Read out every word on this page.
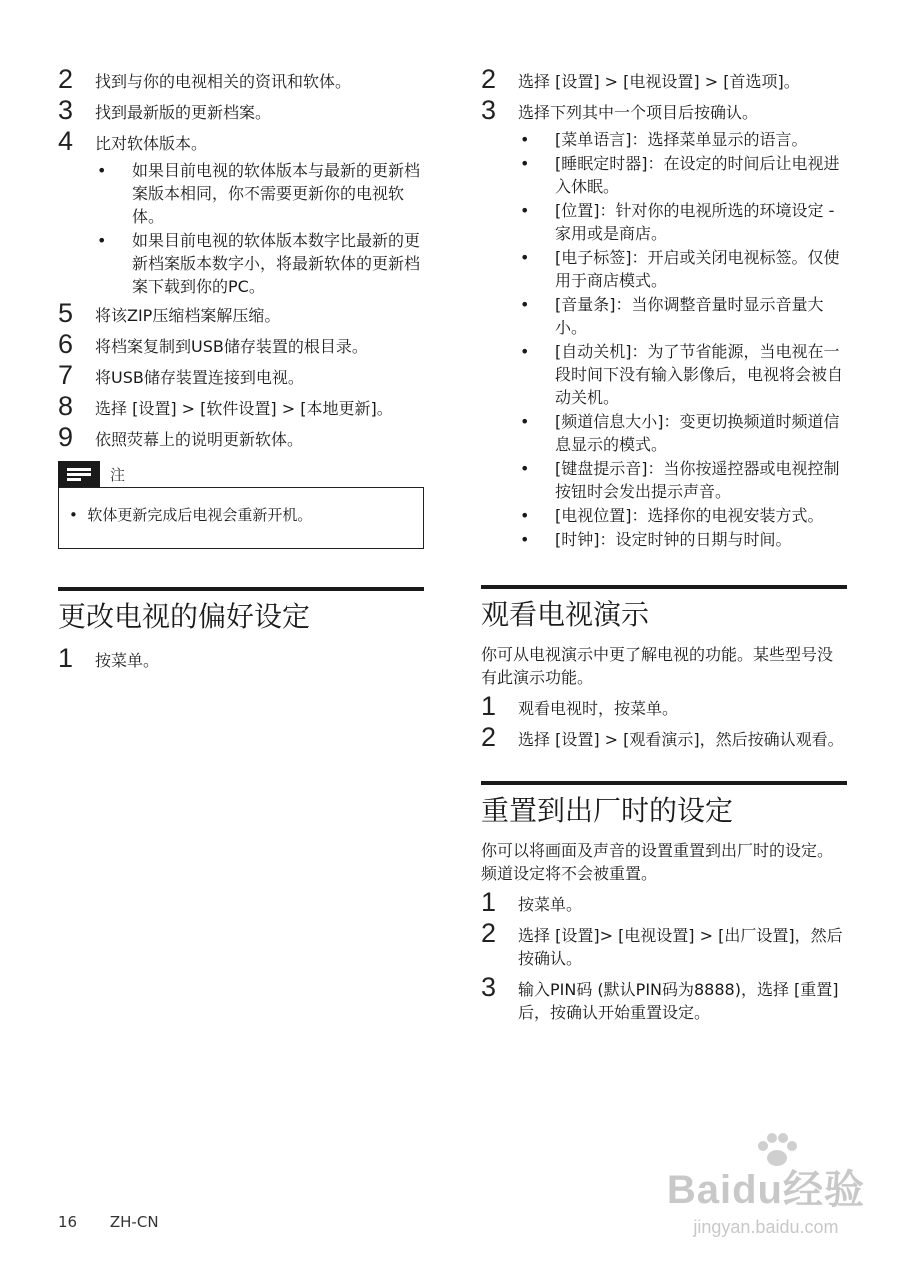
2	找到与你的电视相关的资讯和软体。
3	找到最新版的更新档案。
4	比对软体版本。
•	如果目前电视的软体版本与最新的更新档案版本相同，你不需要更新你的电视软体。
•	如果目前电视的软体版本数字比最新的更新档案版本数字小，将最新软体的更新档案下载到你的PC。
5	将该ZIP压缩档案解压缩。
6	将档案复制到USB储存装置的根目录。
7	将USB储存装置连接到电视。
8	选择 [设置] > [软件设置] > [本地更新]。
9	依照荧幕上的说明更新软体。
注
•  软体更新完成后电视会重新开机。
更改电视的偏好设定
1	按菜单。
2	选择 [设置] > [电视设置] > [首选项]。
3	选择下列其中一个项目后按确认。
•	[菜单语言]：选择菜单显示的语言。
•	[睡眠定时器]：在设定的时间后让电视进入休眠。
•	[位置]：针对你的电视所选的环境设定 - 家用或是商店。
•	[电子标签]：开启或关闭电视标签。仅使用于商店模式。
•	[音量条]：当你调整音量时显示音量大小。
•	[自动关机]：为了节省能源，当电视在一段时间下没有输入影像后，电视将会被自动关机。
•	[频道信息大小]：变更切换频道时频道信息显示的模式。
•	[键盘提示音]：当你按遥控器或电视控制按钮时会发出提示声音。
•	[电视位置]：选择你的电视安装方式。
•	[时钟]：设定时钟的日期与时间。
观看电视演示

你可从电视演示中更了解电视的功能。某些型号没有此演示功能。

1	观看电视时，按菜单。
2	选择 [设置] > [观看演示]，然后按确认观看。
重置到出厂时的设定

你可以将画面及声音的设置重置到出厂时的设定。频道设定将不会被重置。

1	按菜单。
2	选择 [设置]> [电视设置] > [出厂设置]，然后按确认。
3	输入PIN码 (默认PIN码为8888)，选择 [重置] 后，按确认开始重置设定。
16 ZH-CN
Baidu经验
jingyan.baidu.com
